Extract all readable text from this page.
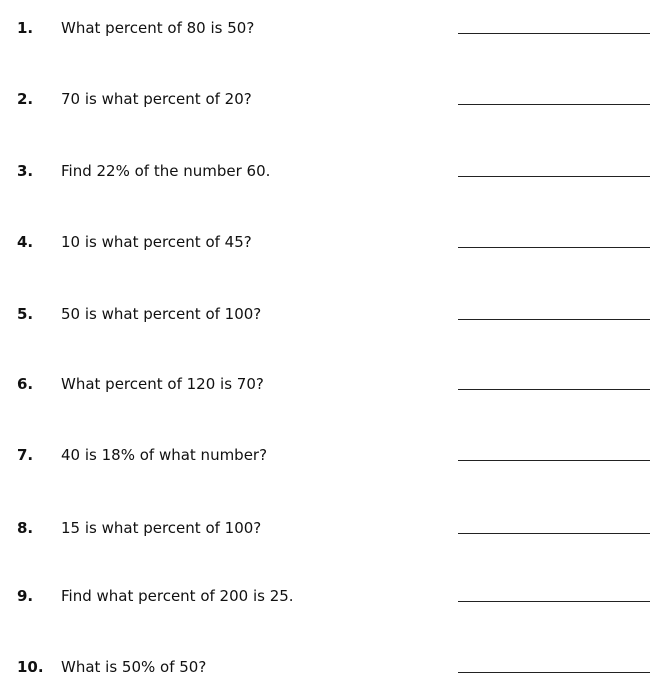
1. What percent of 80 is 50?
2. 70 is what percent of 20?
3. Find 22% of the number 60.
4. 10 is what percent of 45?
5. 50 is what percent of 100?
6. What percent of 120 is 70?
7. 40 is 18% of what number?
8. 15 is what percent of 100?
9. Find what percent of 200 is 25.
10. What is 50% of 50?
